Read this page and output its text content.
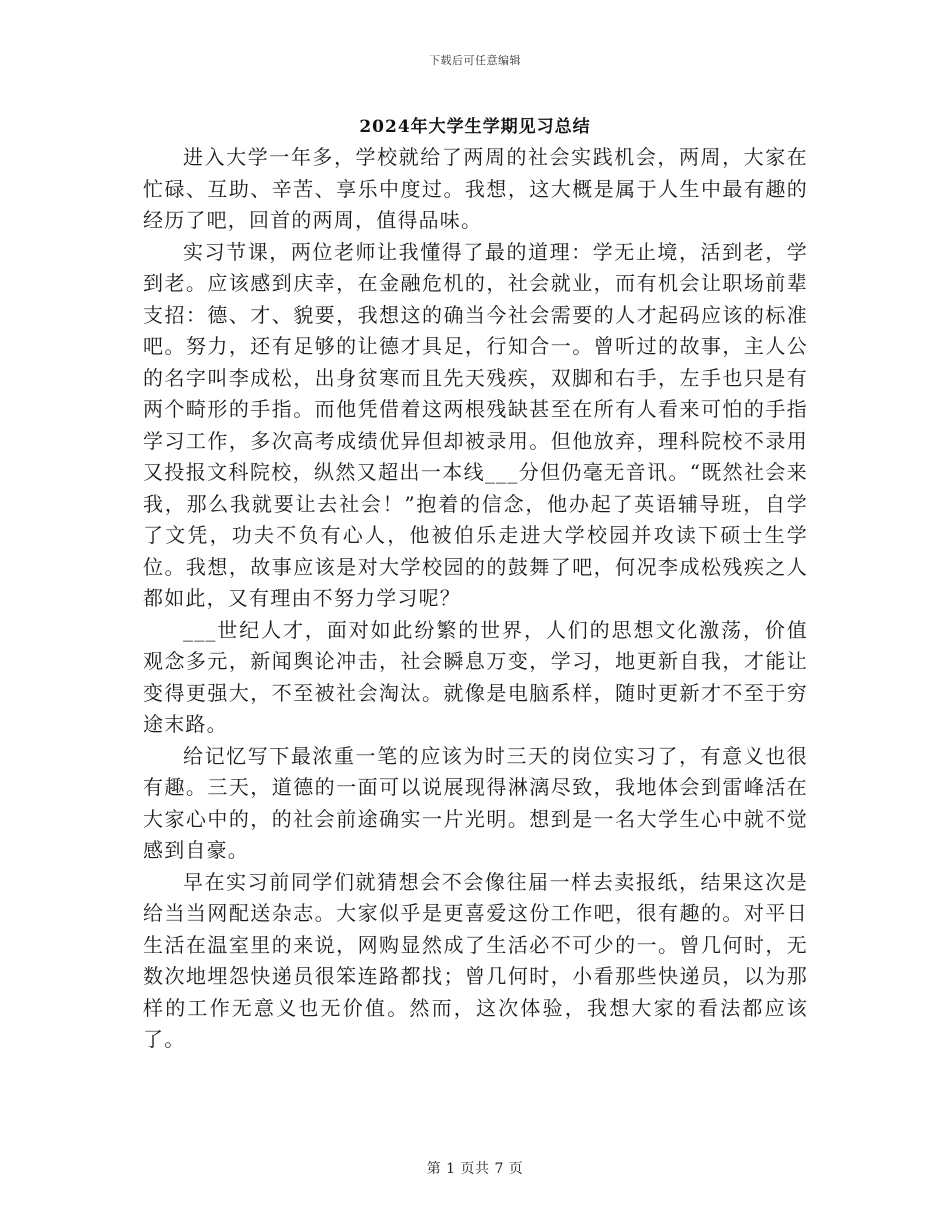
下载后可任意编辑
2024年大学生学期见习总结

进入大学一年多，学校就给了两周的社会实践机会，两周，大家在忙碌、互助、辛苦、享乐中度过。我想，这大概是属于人生中最有趣的经历了吧，回首的两周，值得品味。

实习节课，两位老师让我懂得了最的道理：学无止境，活到老，学到老。应该感到庆幸，在金融危机的，社会就业，而有机会让职场前辈支招：德、才、貌要，我想这的确当今社会需要的人才起码应该的标准吧。努力，还有足够的让德才具足，行知合一。曾听过的故事，主人公的名字叫李成松，出身贫寒而且先天残疾，双脚和右手，左手也只是有两个畸形的手指。而他凭借着这两根残缺甚至在所有人看来可怕的手指学习工作，多次高考成绩优异但却被录用。但他放弃，理科院校不录用又投报文科院校，纵然又超出一本线___分但仍毫无音讯。“既然社会来我，那么我就要让去社会！”抱着的信念，他办起了英语辅导班，自学了文凭，功夫不负有心人，他被伯乐走进大学校园并攻读下硕士生学位。我想，故事应该是对大学校园的的鼓舞了吧，何况李成松残疾之人都如此，又有理由不努力学习呢？

___世纪人才，面对如此纷繁的世界，人们的思想文化激荡，价值观念多元，新闻舆论冲击，社会瞬息万变，学习，地更新自我，才能让变得更强大，不至被社会淘汰。就像是电脑系样，随时更新才不至于穷途末路。

给记忆写下最浓重一笔的应该为时三天的岗位实习了，有意义也很有趣。三天，道德的一面可以说展现得淋漓尽致，我地体会到雷峰活在大家心中的，的社会前途确实一片光明。想到是一名大学生心中就不觉感到自豪。

早在实习前同学们就猜想会不会像往届一样去卖报纸，结果这次是给当当网配送杂志。大家似乎是更喜爱这份工作吧，很有趣的。对平日生活在温室里的来说，网购显然成了生活必不可少的一。曾几何时，无数次地埋怨快递员很笨连路都找；曾几何时，小看那些快递员，以为那样的工作无意义也无价值。然而，这次体验，我想大家的看法都应该了。

第 1 页共 7 页
